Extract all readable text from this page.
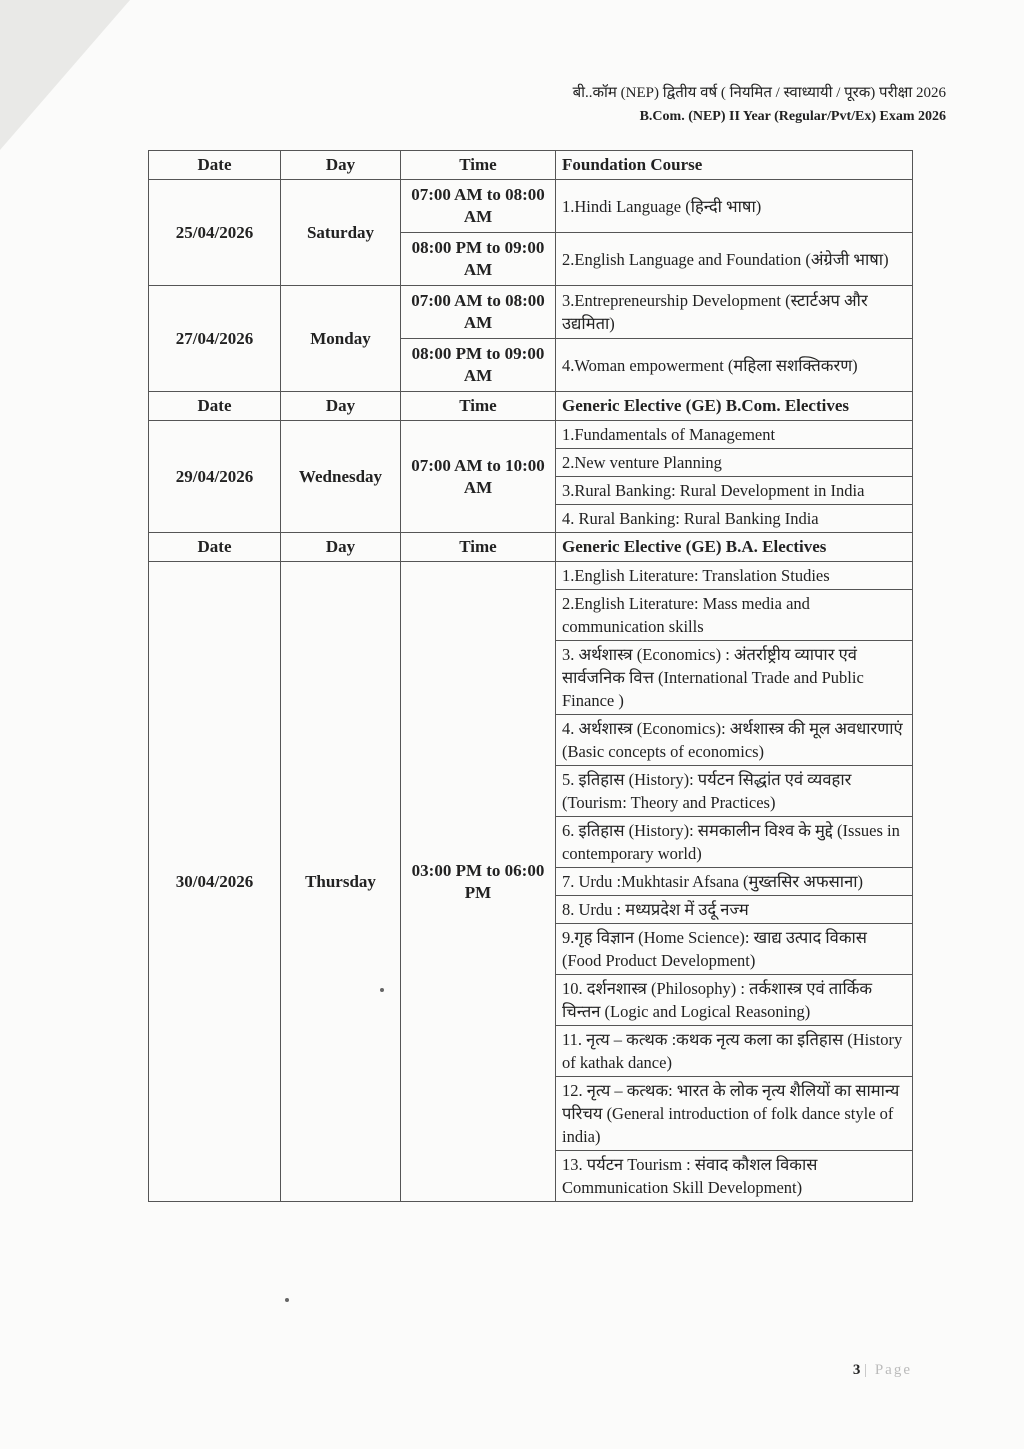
बी..कॉम (NEP) द्वितीय वर्ष ( नियमित / स्वाध्यायी / पूरक) परीक्षा 2026
B.Com. (NEP) II Year (Regular/Pvt/Ex) Exam 2026
Date	Day	Time	Foundation Course
25/04/2026	Saturday	07:00 AM to 08:00 AM	1.Hindi Language (हिन्दी भाषा)
		08:00 PM to 09:00 AM	2.English Language and Foundation (अंग्रेजी भाषा)
27/04/2026	Monday	07:00 AM to 08:00 AM	3.Entrepreneurship Development (स्टार्टअप और उद्यमिता)
		08:00 PM to 09:00 AM	4.Woman empowerment (महिला सशक्तिकरण)
Date	Day	Time	Generic Elective (GE) B.Com. Electives
29/04/2026	Wednesday	07:00 AM to 10:00 AM	1.Fundamentals of Management
			2.New venture Planning
			3.Rural Banking: Rural Development in India
			4. Rural Banking: Rural Banking India
Date	Day	Time	Generic Elective (GE) B.A. Electives
30/04/2026	Thursday	03:00 PM to 06:00 PM	1.English Literature: Translation Studies
			2.English Literature: Mass media and communication skills
			3. अर्थशास्त्र (Economics) : अंतर्राष्ट्रीय व्यापार एवं सार्वजनिक वित्त (International Trade and Public Finance )
			4. अर्थशास्त्र (Economics): अर्थशास्त्र की मूल अवधारणाएं (Basic concepts of economics)
			5. इतिहास (History): पर्यटन सिद्धांत एवं व्यवहार (Tourism: Theory and Practices)
			6. इतिहास (History): समकालीन विश्व के मुद्दे (Issues in contemporary world)
			7. Urdu :Mukhtasir Afsana (मुख्तसिर अफसाना)
			8. Urdu : मध्यप्रदेश में उर्दू नज्म
			9.गृह विज्ञान (Home Science): खाद्य उत्पाद विकास (Food Product Development)
			10. दर्शनशास्त्र (Philosophy) : तर्कशास्त्र एवं तार्किक चिन्तन (Logic and Logical Reasoning)
			11. नृत्य – कत्थक :कथक नृत्य कला का इतिहास (History of kathak dance)
			12. नृत्य – कत्थक: भारत के लोक नृत्य शैलियों का सामान्य परिचय (General introduction of folk dance style of india)
			13. पर्यटन Tourism : संवाद कौशल विकास Communication Skill Development)
3 | Page
